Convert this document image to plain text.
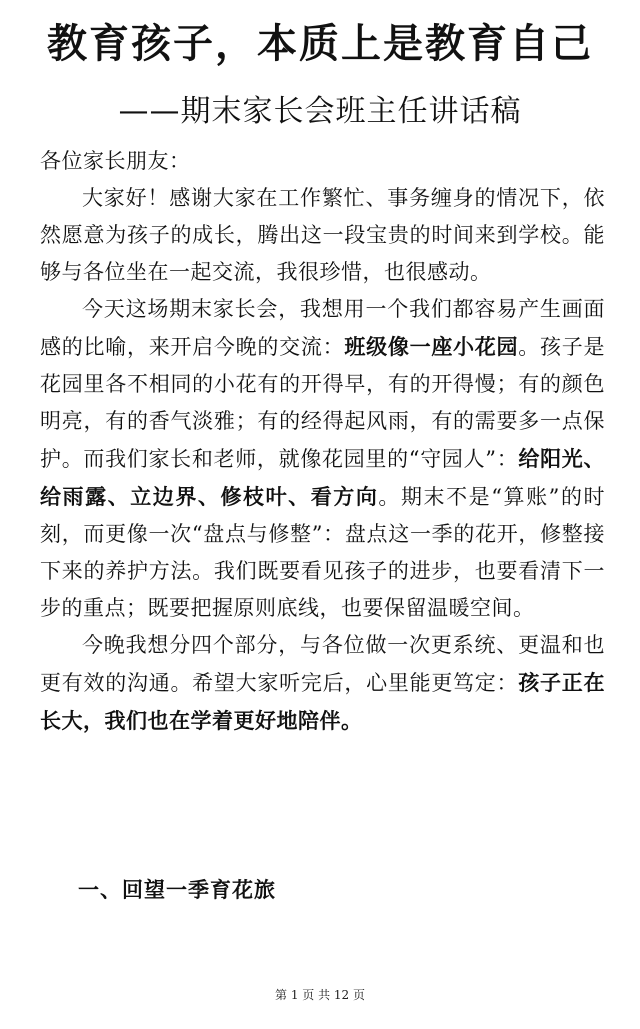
教育孩子，本质上是教育自己
——期末家长会班主任讲话稿

各位家长朋友：

大家好！感谢大家在工作繁忙、事务缠身的情况下，依然愿意为孩子的成长，腾出这一段宝贵的时间来到学校。能够与各位坐在一起交流，我很珍惜，也很感动。

今天这场期末家长会，我想用一个我们都容易产生画面感的比喻，来开启今晚的交流：班级像一座小花园。孩子是花园里各不相同的小花有的开得早，有的开得慢；有的颜色明亮，有的香气淡雅；有的经得起风雨，有的需要多一点保护。而我们家长和老师，就像花园里的“守园人”：给阳光、给雨露、立边界、修枝叶、看方向。期末不是“算账”的时刻，而更像一次“盘点与修整”：盘点这一季的花开，修整接下来的养护方法。我们既要看见孩子的进步，也要看清下一步的重点；既要把握原则底线，也要保留温暖空间。

今晚我想分四个部分，与各位做一次更系统、更温和也更有效的沟通。希望大家听完后，心里能更笃定：孩子正在长大，我们也在学着更好地陪伴。

一、回望一季育花旅
第 1 页 共 12 页
